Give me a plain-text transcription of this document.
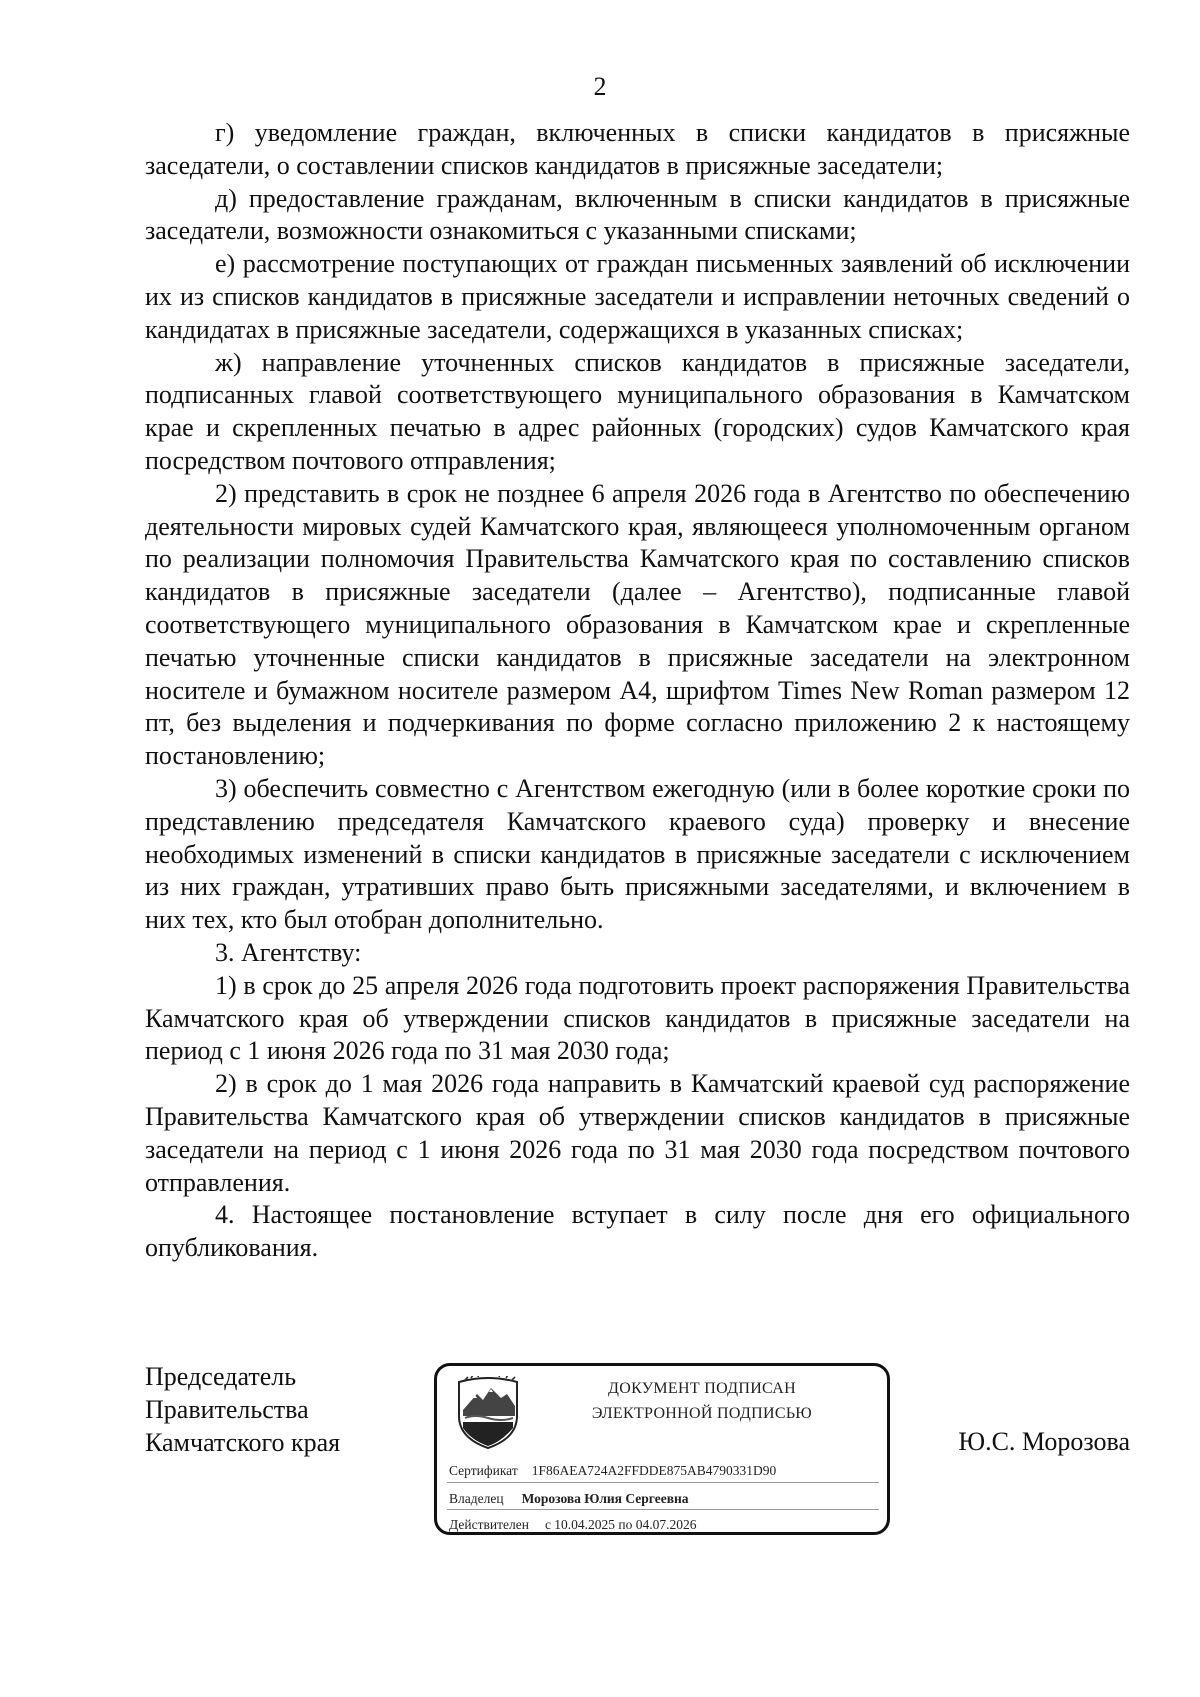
2

г) уведомление граждан, включенных в списки кандидатов в присяжные заседатели, о составлении списков кандидатов в присяжные заседатели;

д) предоставление гражданам, включенным в списки кандидатов в присяжные заседатели, возможности ознакомиться с указанными списками;

е) рассмотрение поступающих от граждан письменных заявлений об исключении их из списков кандидатов в присяжные заседатели и исправлении неточных сведений о кандидатах в присяжные заседатели, содержащихся в указанных списках;

ж) направление уточненных списков кандидатов в присяжные заседатели, подписанных главой соответствующего муниципального образования в Камчатском крае и скрепленных печатью в адрес районных (городских) судов Камчатского края посредством почтового отправления;

2) представить в срок не позднее 6 апреля 2026 года в Агентство по обеспечению деятельности мировых судей Камчатского края, являющееся уполномоченным органом по реализации полномочия Правительства Камчатского края по составлению списков кандидатов в присяжные заседатели (далее – Агентство), подписанные главой соответствующего муниципального образования в Камчатском крае и скрепленные печатью уточненные списки кандидатов в присяжные заседатели на электронном носителе и бумажном носителе размером А4, шрифтом Times New Roman размером 12 пт, без выделения и подчеркивания по форме согласно приложению 2 к настоящему постановлению;

3) обеспечить совместно с Агентством ежегодную (или в более короткие сроки по представлению председателя Камчатского краевого суда) проверку и внесение необходимых изменений в списки кандидатов в присяжные заседатели с исключением из них граждан, утративших право быть присяжными заседателями, и включением в них тех, кто был отобран дополнительно.

3. Агентству:

1) в срок до 25 апреля 2026 года подготовить проект распоряжения Правительства Камчатского края об утверждении списков кандидатов в присяжные заседатели на период с 1 июня 2026 года по 31 мая 2030 года;

2) в срок до 1 мая 2026 года направить в Камчатский краевой суд распоряжение Правительства Камчатского края об утверждении списков кандидатов в присяжные заседатели на период с 1 июня 2026 года по 31 мая 2030 года посредством почтового отправления.

4. Настоящее постановление вступает в силу после дня его официального опубликования.

Председатель
Правительства
Камчатского края
ДОКУМЕНТ ПОДПИСАН
ЭЛЕКТРОННОЙ ПОДПИСЬЮ
Сертификат 1F86AEA724A2FFDDE875AB4790331D90
Владелец Морозова Юлия Сергеевна
Действителен с 10.04.2025 по 04.07.2026
Ю.С. Морозова
